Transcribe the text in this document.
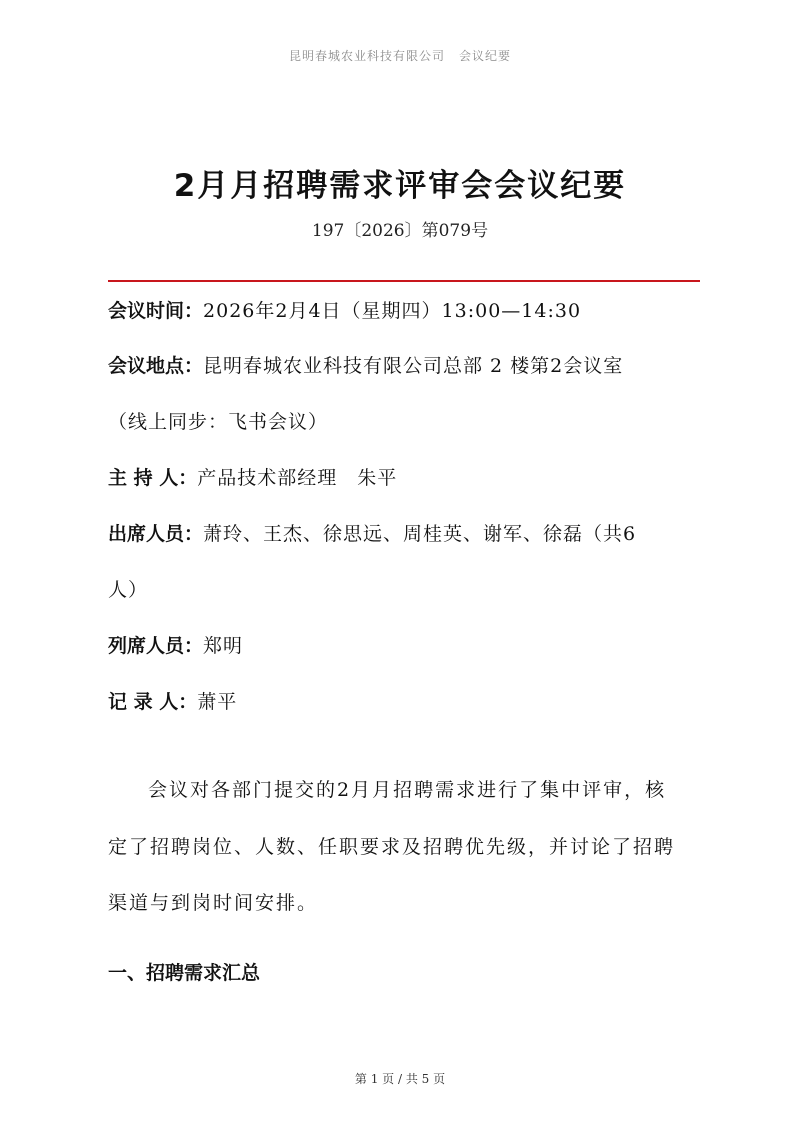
昆明春城农业科技有限公司 会议纪要
2月月招聘需求评审会会议纪要
197〔2026〕第079号
会议时间：2026年2月4日（星期四）13:00—14:30
会议地点：昆明春城农业科技有限公司总部 2 楼第2会议室
（线上同步：飞书会议）
主 持 人：产品技术部经理　朱平
出席人员：萧玲、王杰、徐思远、周桂英、谢军、徐磊（共6
人）
列席人员：郑明
记 录 人：萧平
会议对各部门提交的2月月招聘需求进行了集中评审，核
定了招聘岗位、人数、任职要求及招聘优先级，并讨论了招聘
渠道与到岗时间安排。
一、招聘需求汇总
第 1 页 / 共 5 页
